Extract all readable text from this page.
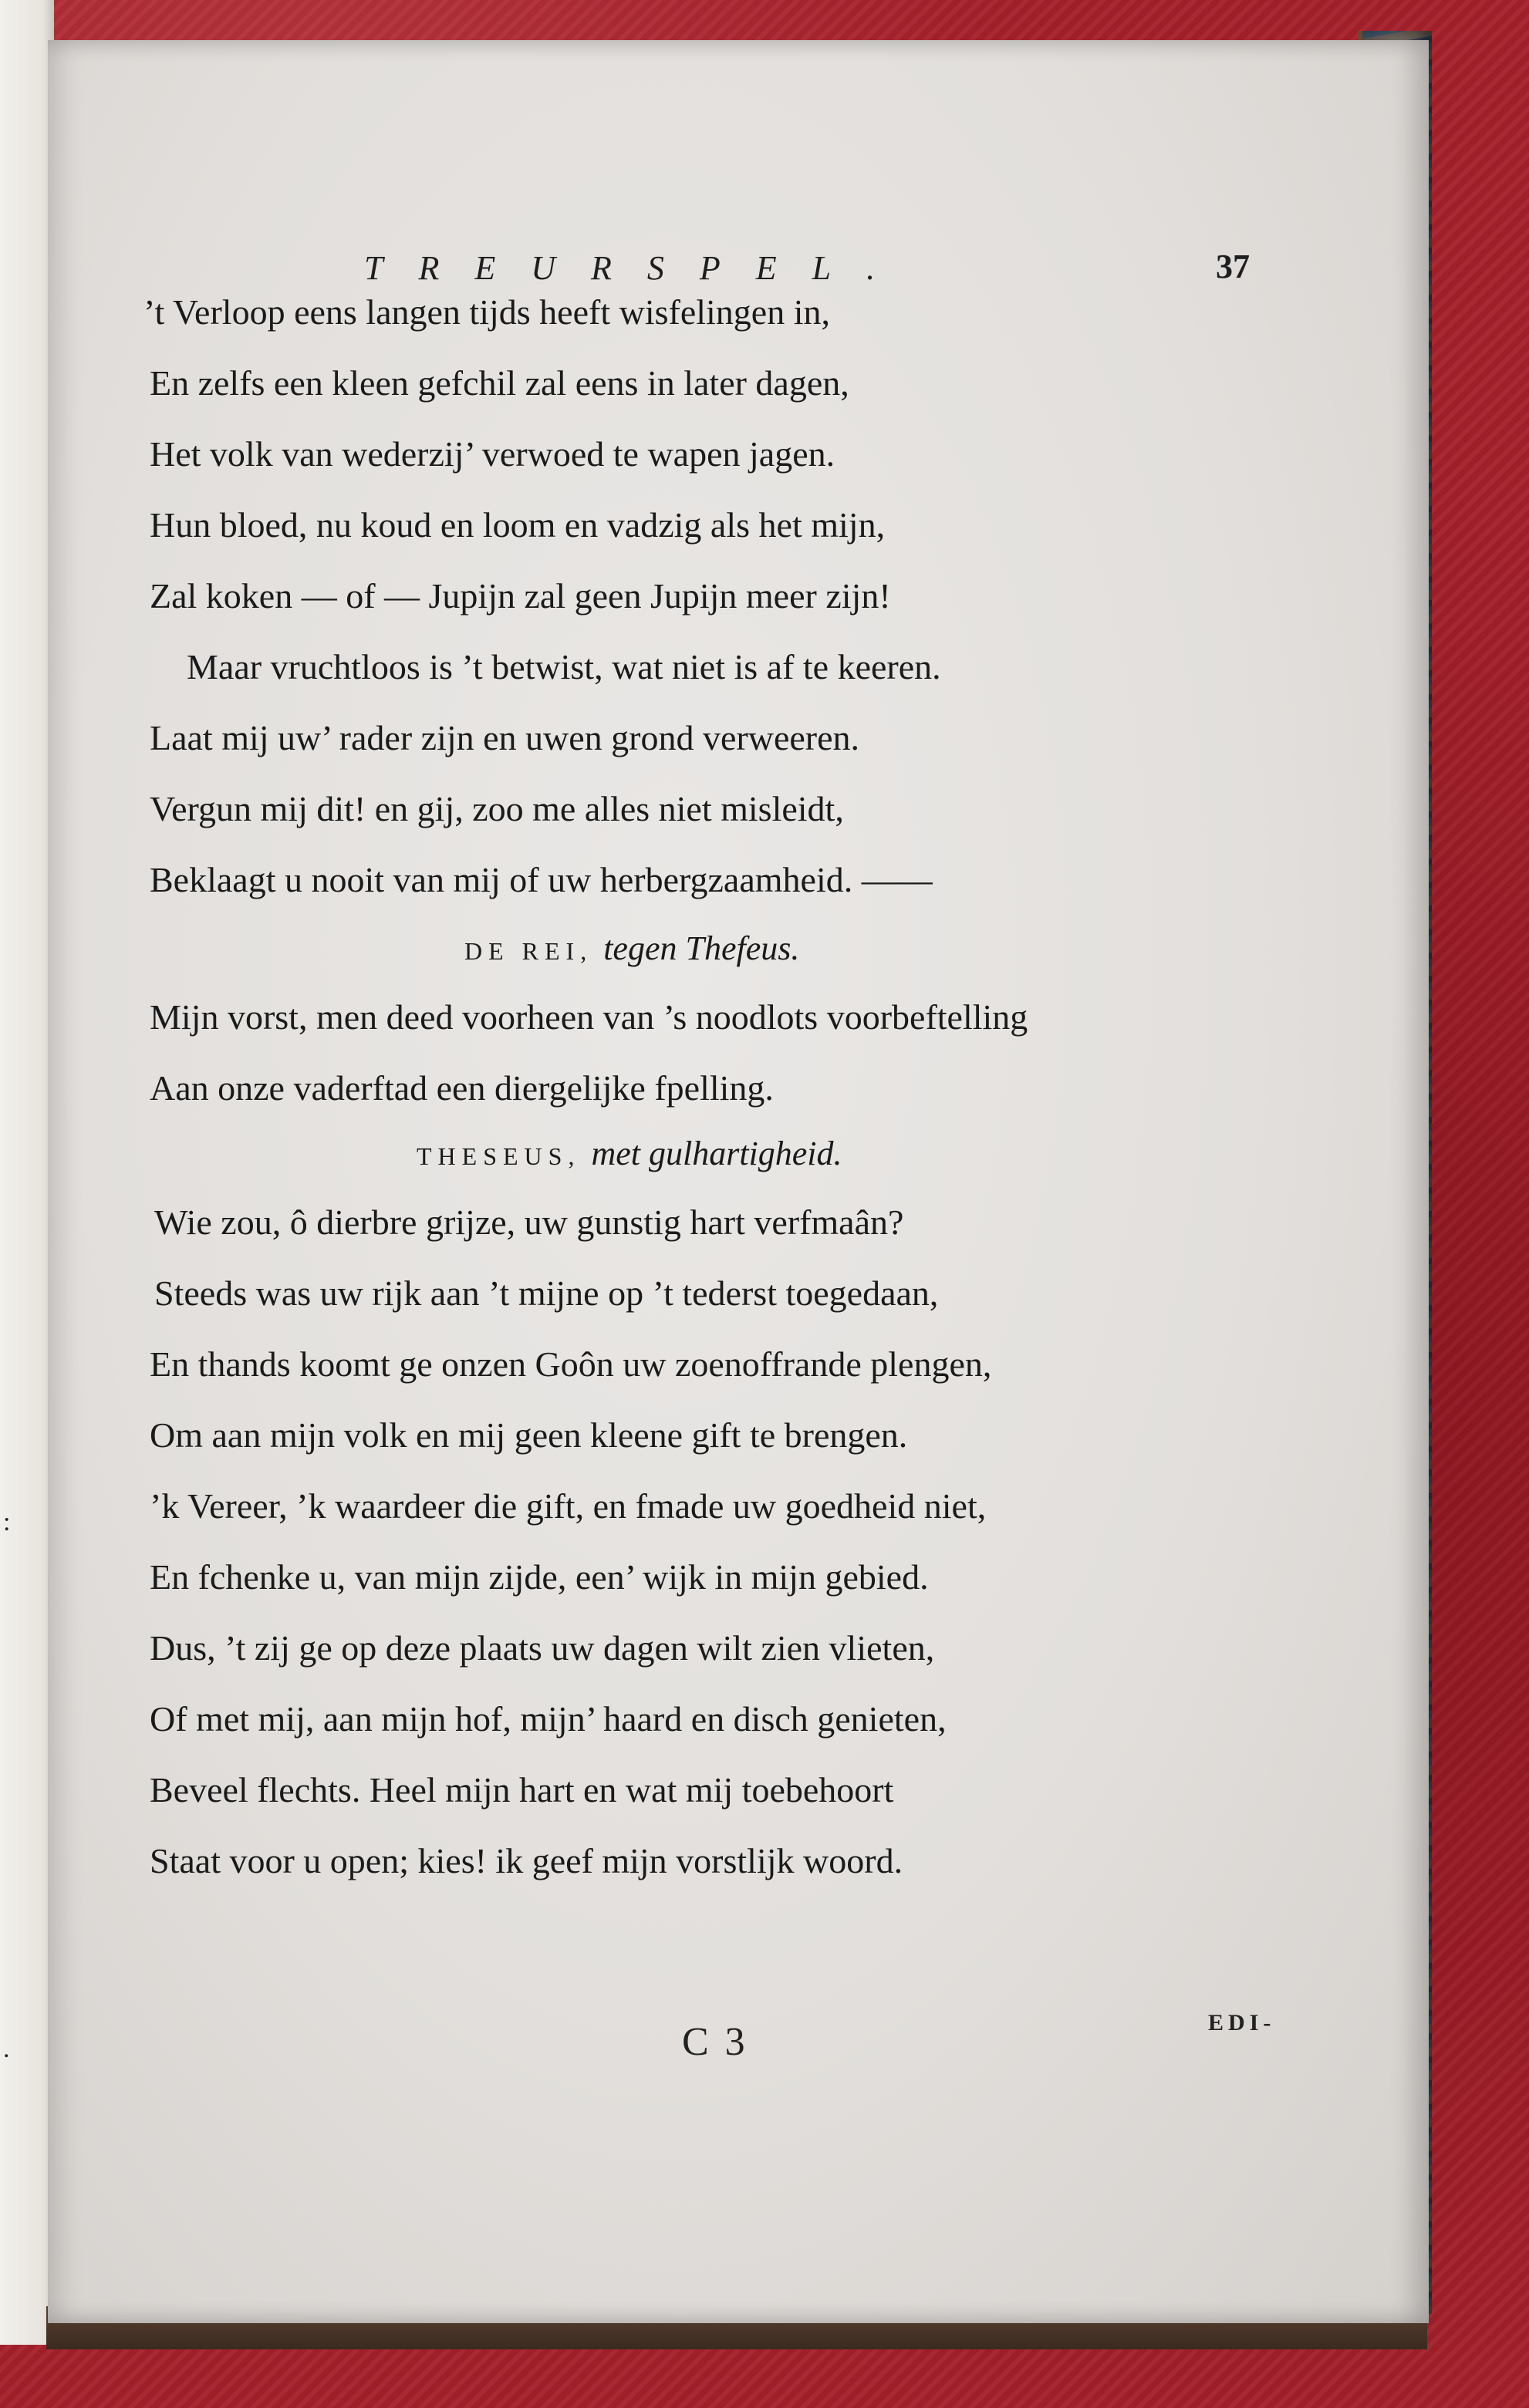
:
.
TREURSPEL.	37
’t Verloop eens langen tijds heeft wisfelingen in,
En zelfs een kleen gefchil zal eens in later dagen,
Het volk van wederzij’ verwoed te wapen jagen.
Hun bloed, nu koud en loom en vadzig als het mijn,
Zal koken — of — Jupijn zal geen Jupijn meer zijn!
Maar vruchtloos is ’t betwist, wat niet is af te keeren.
Laat mij uw’ rader zijn en uwen grond verweeren.
Vergun mij dit! en gij, zoo me alles niet misleidt,
Beklaagt u nooit van mij of uw herbergzaamheid. ——
DE REI, tegen Thefeus.
Mijn vorst, men deed voorheen van ’s noodlots voorbeftelling
Aan onze vaderftad een diergelijke fpelling.
THESEUS, met gulhartigheid.
Wie zou, ô dierbre grijze, uw gunstig hart verfmaân?
Steeds was uw rijk aan ’t mijne op ’t tederst toegedaan,
En thands koomt ge onzen Goôn uw zoenoffrande plengen,
Om aan mijn volk en mij geen kleene gift te brengen.
’k Vereer, ’k waardeer die gift, en fmade uw goedheid niet,
En fchenke u, van mijn zijde, een’ wijk in mijn gebied.
Dus, ’t zij ge op deze plaats uw dagen wilt zien vlieten,
Of met mij, aan mijn hof, mijn’ haard en disch genieten,
Beveel flechts. Heel mijn hart en wat mij toebehoort
Staat voor u open; kies! ik geef mijn vorstlijk woord.
C 3	EDI-
